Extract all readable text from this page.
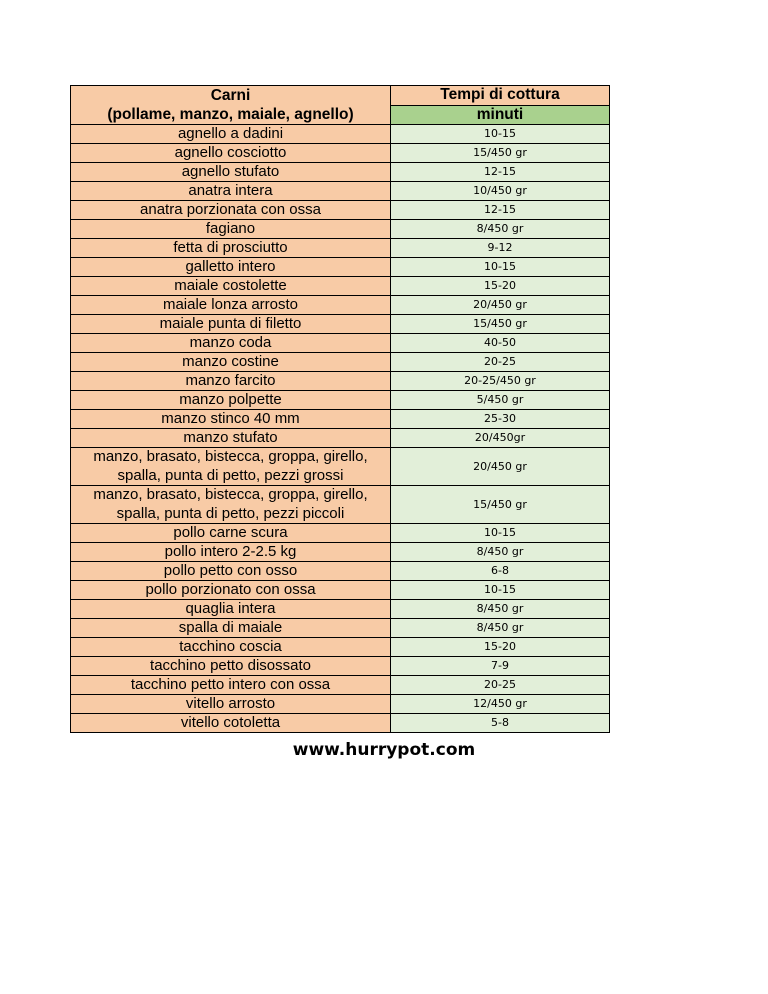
Carni
(pollame, manzo, maiale, agnello)	Tempi di cottura
	minuti
agnello a dadini	10-15
agnello cosciotto	15/450 gr
agnello stufato	12-15
anatra intera	10/450 gr
anatra porzionata con ossa	12-15
fagiano	8/450 gr
fetta di prosciutto	9-12
galletto intero	10-15
maiale costolette	15-20
maiale lonza arrosto	20/450 gr
maiale punta di filetto	15/450 gr
manzo coda	40-50
manzo costine	20-25
manzo farcito	20-25/450 gr
manzo polpette	5/450 gr
manzo stinco 40 mm	25-30
manzo stufato	20/450gr
manzo, brasato, bistecca, groppa, girello, spalla, punta di petto, pezzi grossi	20/450 gr
manzo, brasato, bistecca, groppa, girello, spalla, punta di petto, pezzi piccoli	15/450 gr
pollo carne scura	10-15
pollo intero 2-2.5 kg	8/450 gr
pollo petto con osso	6-8
pollo porzionato con ossa	10-15
quaglia intera	8/450 gr
spalla di maiale	8/450 gr
tacchino coscia	15-20
tacchino petto disossato	7-9
tacchino petto intero con ossa	20-25
vitello arrosto	12/450 gr
vitello cotoletta	5-8
www.hurrypot.com
